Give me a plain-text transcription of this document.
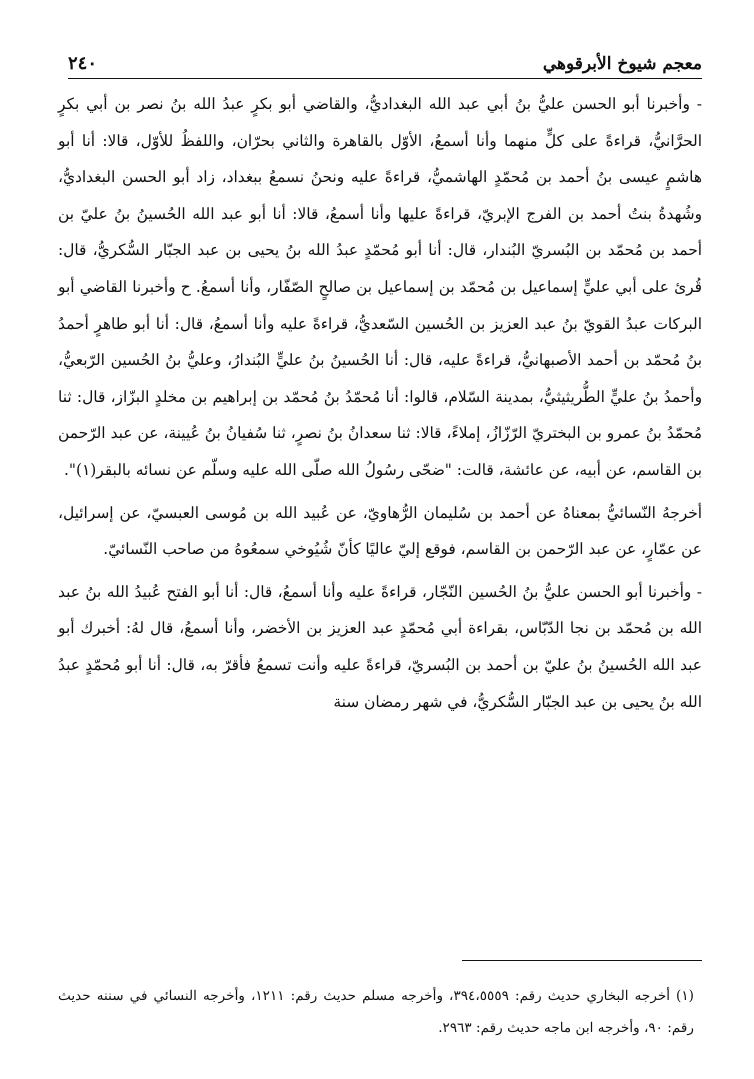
معجم شيوخ الأبرقوهي
٢٤٠

- وأخبرنا أبو الحسن عليُّ بنُ أبي عبد الله البغداديُّ، والقاضي أبو بكرٍ عبدُ الله بنُ نصر بن أبي بكرٍ الحرَّانيُّ، قراءةً على كلٍّ منهما وأنا أسمعُ، الأوّل بالقاهرة والثاني بحرّان، واللفظُ للأوّل، قالا: أنا أبو هاشمٍ عيسى بنُ أحمد بن مُحمّدٍ الهاشميُّ، قراءةً عليه ونحنُ نسمعُ ببغداد، زاد أبو الحسن البغداديُّ، وشُهدةُ بنتُ أحمد بن الفرج الإبريّ، قراءةً عليها وأنا أسمعُ، قالا: أنا أبو عبد الله الحُسينُ بنُ عليّ بن أحمد بن مُحمّد بن البُسريّ البُندار، قال: أنا أبو مُحمّدٍ عبدُ الله بنُ يحيى بن عبد الجبّار السُّكريُّ، قال: قُرئ على أبي عليٍّ إسماعيل بن مُحمّد بن إسماعيل بن صالحٍ الصّفّار، وأنا أسمعُ. ح وأخبرنا القاضي أبو البركات عبدُ القويّ بنُ عبد العزيز بن الحُسين السّعديُّ، قراءةً عليه وأنا أسمعُ، قال: أنا أبو طاهرٍ أحمدُ بنُ مُحمّد بن أحمد الأصبهانيُّ، قراءةً عليه، قال: أنا الحُسينُ بنُ عليٍّ البُندارُ، وعليُّ بنُ الحُسين الرّبعيُّ، وأحمدُ بنُ عليٍّ الطُّريثيثيُّ، بمدينة السّلام، قالوا: أنا مُحمّدُ بنُ مُحمّد بن إبراهيم بن مخلدٍ البزّاز، قال: ثنا مُحمّدُ بنُ عمرو بن البختريّ الرّزّازُ، إملاءً، قالا: ثنا سعدانُ بنُ نصرٍ، ثنا سُفيانُ بنُ عُيينة، عن عبد الرّحمن بن القاسم، عن أبيه، عن عائشة، قالت: "ضحّى رسُولُ الله صلّى الله عليه وسلّم عن نسائه بالبقر(١)".

أخرجهُ النّسائيُّ بمعناهُ عن أحمد بن سُليمان الرُّهاويّ، عن عُبيد الله بن مُوسى العبسيّ، عن إسرائيل، عن عمّارٍ، عن عبد الرّحمن بن القاسم، فوقع إليّ عاليًا كأنّ شُيُوخي سمعُوهُ من صاحب النّسائيّ.

- وأخبرنا أبو الحسن عليُّ بنُ الحُسين النّجّار، قراءةً عليه وأنا أسمعُ، قال: أنا أبو الفتح عُبيدُ الله بنُ عبد الله بن مُحمّد بن نجا الدّبّاس، بقراءة أبي مُحمّدٍ عبد العزيز بن الأخضر، وأنا أسمعُ، قال لهُ: أخبرك أبو عبد الله الحُسينُ بنُ عليّ بن أحمد بن البُسريّ، قراءةً عليه وأنت تسمعُ فأقرّ به، قال: أنا أبو مُحمّدٍ عبدُ الله بنُ يحيى بن عبد الجبّار السُّكريُّ، في شهر رمضان سنة

(١) أخرجه البخاري حديث رقم: ٣٩٤،٥٥٥٩، وأخرجه مسلم حديث رقم: ١٢١١، وأخرجه النسائي في سننه حديث رقم: ٩٠، وأخرجه ابن ماجه حديث رقم: ٢٩٦٣.
